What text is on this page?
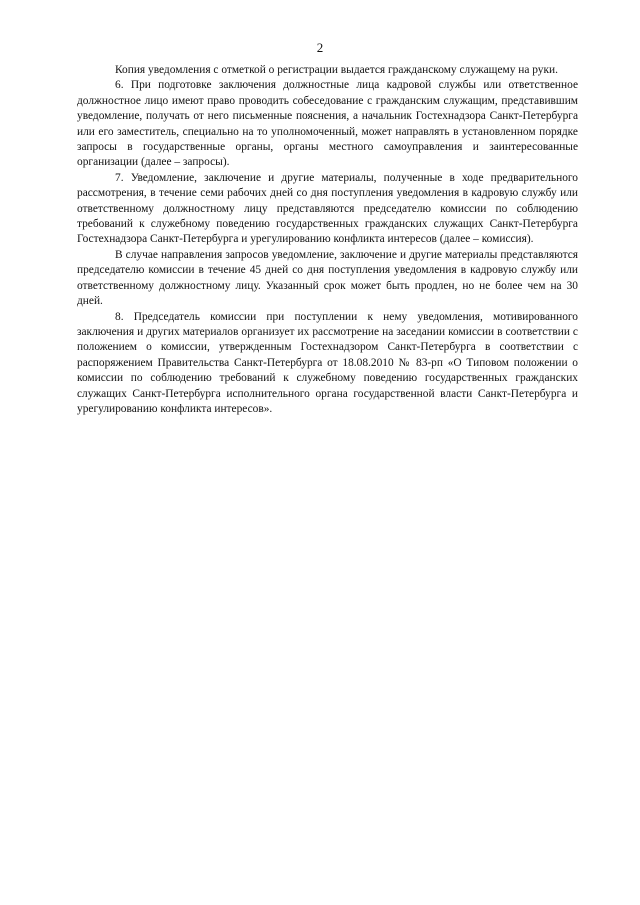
2

Копия уведомления с отметкой о регистрации выдается гражданскому служащему на руки.

6. При подготовке заключения должностные лица кадровой службы или ответственное должностное лицо имеют право проводить собеседование с гражданским служащим, представившим уведомление, получать от него письменные пояснения, а начальник Гостехнадзора Санкт-Петербурга или его заместитель, специально на то уполномоченный, может направлять в установленном порядке запросы в государственные органы, органы местного самоуправления и заинтересованные организации (далее – запросы).

7. Уведомление, заключение и другие материалы, полученные в ходе предварительного рассмотрения, в течение семи рабочих дней со дня поступления уведомления в кадровую службу или ответственному должностному лицу представляются председателю комиссии по соблюдению требований к служебному поведению государственных гражданских служащих Санкт-Петербурга Гостехнадзора Санкт-Петербурга и урегулированию конфликта интересов (далее – комиссия).

В случае направления запросов уведомление, заключение и другие материалы представляются председателю комиссии в течение 45 дней со дня поступления уведомления в кадровую службу или ответственному должностному лицу. Указанный срок может быть продлен, но не более чем на 30 дней.

8. Председатель комиссии при поступлении к нему уведомления, мотивированного заключения и других материалов организует их рассмотрение на заседании комиссии в соответствии с положением о комиссии, утвержденным Гостехнадзором Санкт-Петербурга в соответствии с распоряжением Правительства Санкт-Петербурга от 18.08.2010 № 83-рп «О Типовом положении о комиссии по соблюдению требований к служебному поведению государственных гражданских служащих Санкт-Петербурга исполнительного органа государственной власти Санкт-Петербурга и урегулированию конфликта интересов».
